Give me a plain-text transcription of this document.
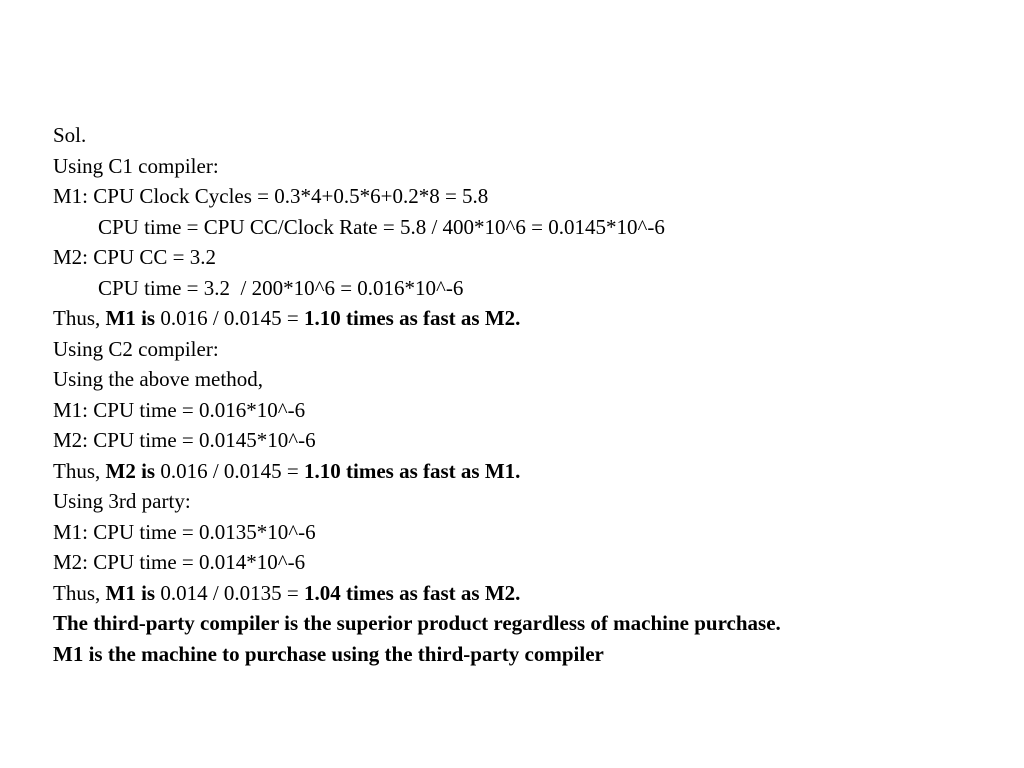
Sol.
Using C1 compiler:
M1: CPU Clock Cycles = 0.3*4+0.5*6+0.2*8 = 5.8
CPU time = CPU CC/Clock Rate = 5.8 / 400*10^6 = 0.0145*10^-6
M2: CPU CC = 3.2
CPU time = 3.2  / 200*10^6 = 0.016*10^-6
Thus, M1 is 0.016 / 0.0145 = 1.10 times as fast as M2.
Using C2 compiler:
Using the above method,
M1: CPU time = 0.016*10^-6
M2: CPU time = 0.0145*10^-6
Thus, M2 is 0.016 / 0.0145 = 1.10 times as fast as M1.
Using 3rd party:
M1: CPU time = 0.0135*10^-6
M2: CPU time = 0.014*10^-6
Thus, M1 is 0.014 / 0.0135 = 1.04 times as fast as M2.
The third-party compiler is the superior product regardless of machine purchase.
M1 is the machine to purchase using the third-party compiler
